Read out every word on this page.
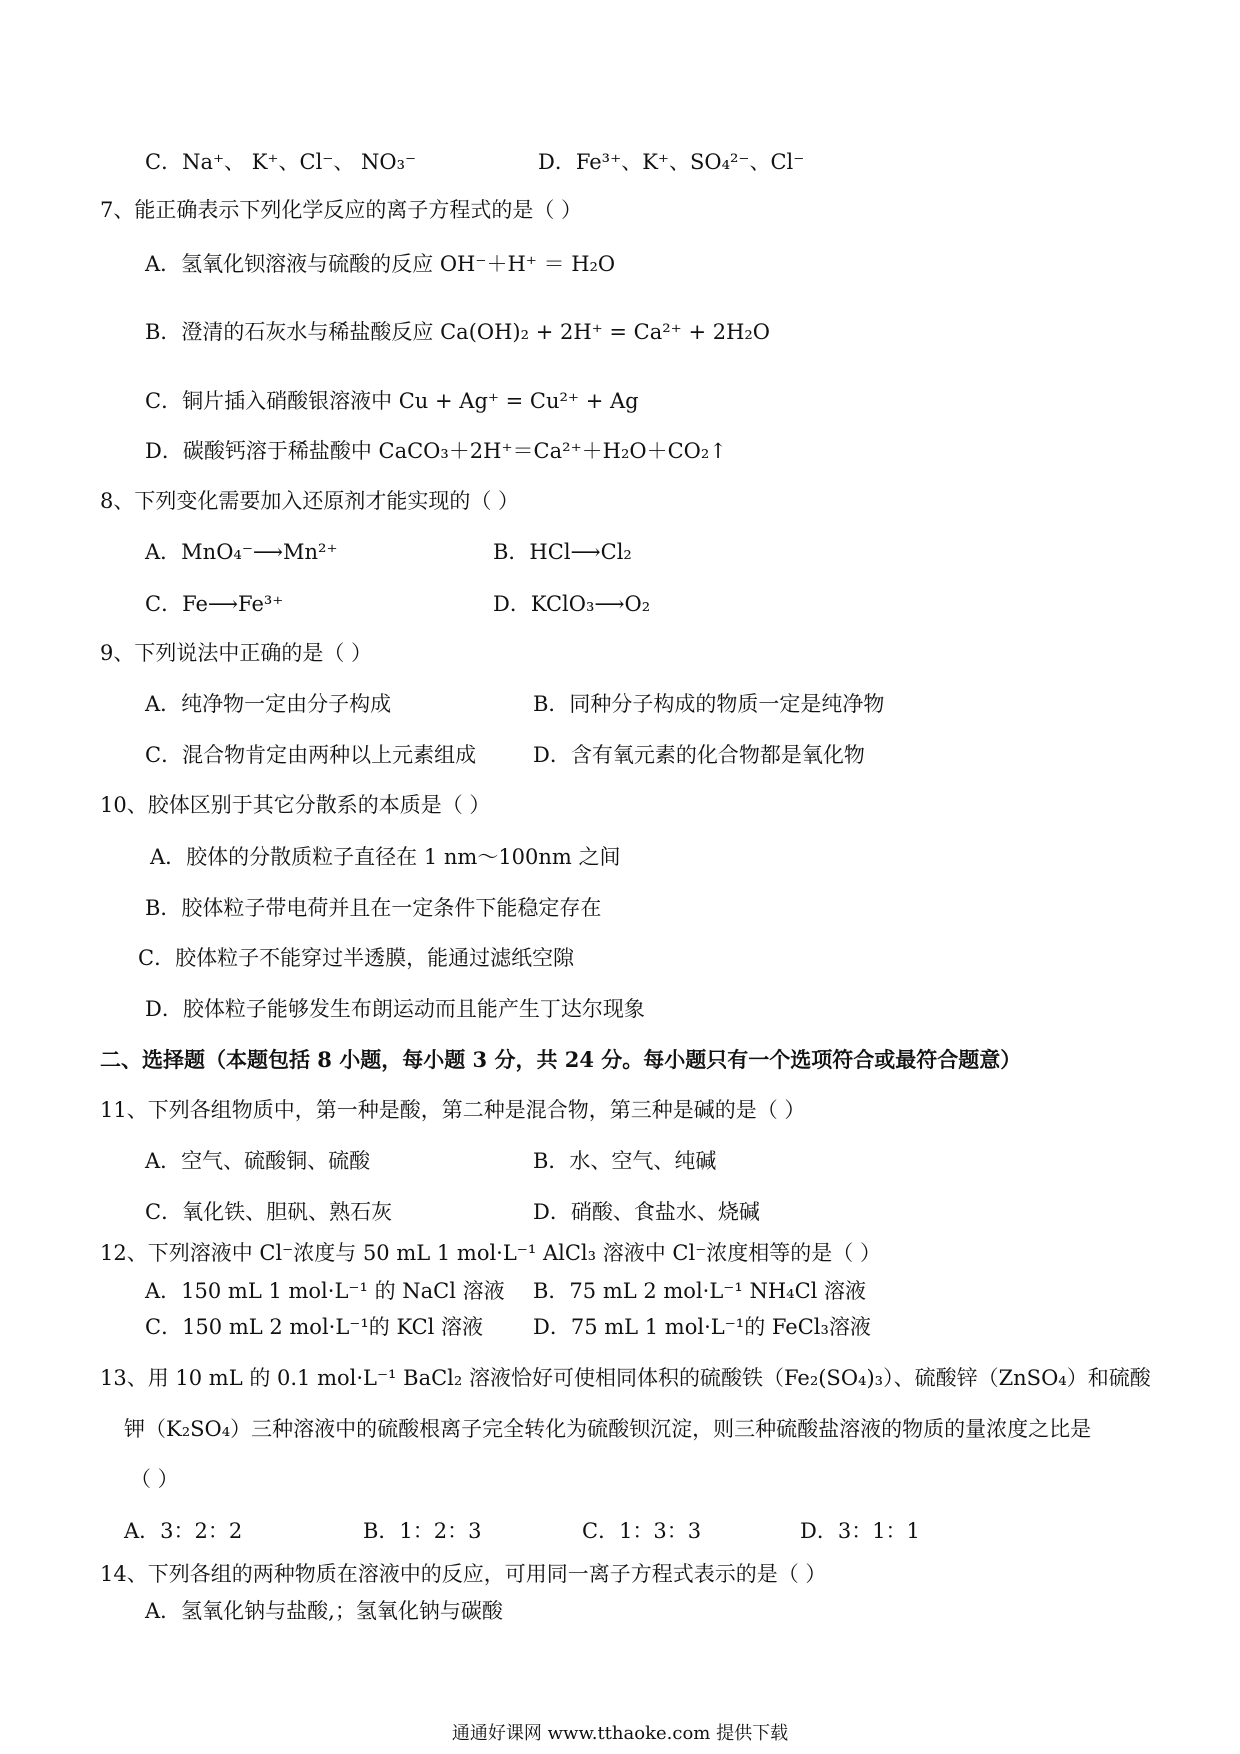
C．Na⁺、 K⁺、Cl⁻、 NO₃⁻	D．Fe³⁺、K⁺、SO₄²⁻、Cl⁻
7、能正确表示下列化学反应的离子方程式的是（ ）
A．氢氧化钡溶液与硫酸的反应 OH⁻＋H⁺ ＝ H₂O
B．澄清的石灰水与稀盐酸反应 Ca(OH)₂ + 2H⁺ = Ca²⁺ + 2H₂O
C．铜片插入硝酸银溶液中 Cu + Ag⁺ = Cu²⁺ + Ag
D．碳酸钙溶于稀盐酸中 CaCO₃＋2H⁺＝Ca²⁺＋H₂O＋CO₂↑
8、下列变化需要加入还原剂才能实现的（ ）
A．MnO₄⁻⟶Mn²⁺	B．HCl⟶Cl₂
C．Fe⟶Fe³⁺	D．KClO₃⟶O₂
9、下列说法中正确的是（ ）
A．纯净物一定由分子构成	B．同种分子构成的物质一定是纯净物
C．混合物肯定由两种以上元素组成	D．含有氧元素的化合物都是氧化物
10、胶体区别于其它分散系的本质是（ ）
A．胶体的分散质粒子直径在 1 nm～100nm 之间
B．胶体粒子带电荷并且在一定条件下能稳定存在
C．胶体粒子不能穿过半透膜，能通过滤纸空隙
D．胶体粒子能够发生布朗运动而且能产生丁达尔现象
二、选择题（本题包括 8 小题，每小题 3 分，共 24 分。每小题只有一个选项符合或最符合题意）
11、下列各组物质中，第一种是酸，第二种是混合物，第三种是碱的是（ ）
A．空气、硫酸铜、硫酸	B．水、空气、纯碱
C．氧化铁、胆矾、熟石灰	D．硝酸、食盐水、烧碱
12、下列溶液中 Cl⁻浓度与 50 mL 1 mol·L⁻¹ AlCl₃ 溶液中 Cl⁻浓度相等的是（ ）
A．150 mL 1 mol·L⁻¹ 的 NaCl 溶液 B．75 mL 2 mol·L⁻¹ NH₄Cl 溶液
C．150 mL 2 mol·L⁻¹的 KCl 溶液 D．75 mL 1 mol·L⁻¹的 FeCl₃溶液
13、用 10 mL 的 0.1 mol·L⁻¹ BaCl₂ 溶液恰好可使相同体积的硫酸铁（Fe₂(SO₄)₃）、硫酸锌（ZnSO₄）和硫酸
钾（K₂SO₄）三种溶液中的硫酸根离子完全转化为硫酸钡沉淀，则三种硫酸盐溶液的物质的量浓度之比是
（ ）
A．3：2：2	B．1：2：3	C．1：3：3	D．3：1：1
14、下列各组的两种物质在溶液中的反应，可用同一离子方程式表示的是（ ）
A．氢氧化钠与盐酸,；氢氧化钠与碳酸
通通好课网 www.tthaoke.com 提供下载
